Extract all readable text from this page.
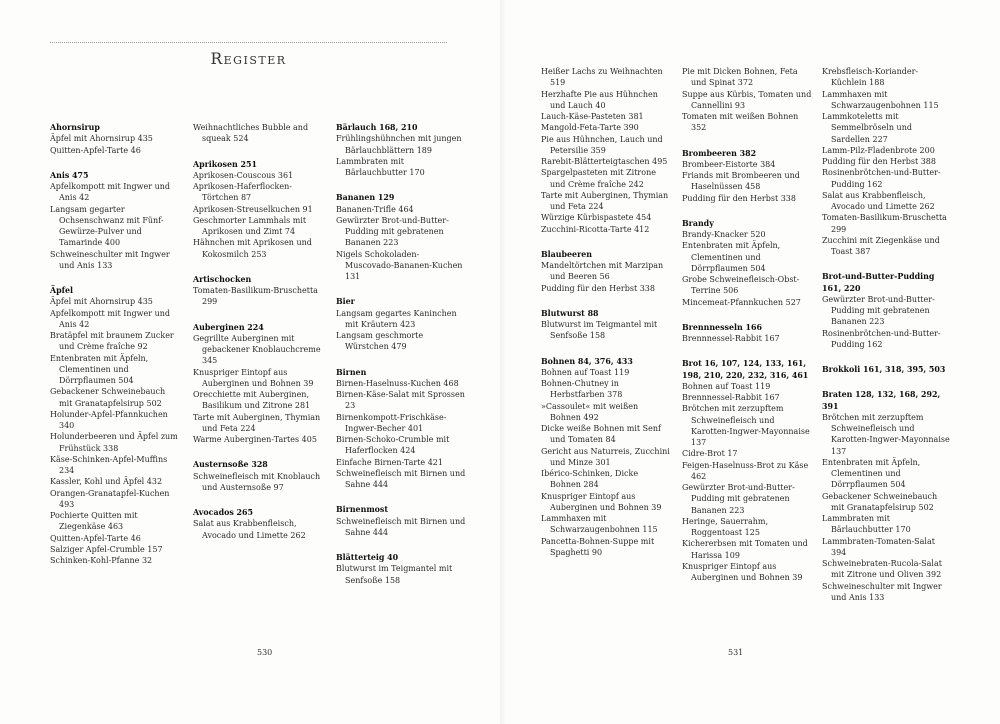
Register
Ahornsirup

Äpfel mit Ahornsirup 435

Quitten-Apfel-Tarte 46

Anis 475

Apfelkompott mit Ingwer und Anis 42

Langsam gegarter Ochsenschwanz mit Fünf-Gewürze-Pulver und Tamarinde 400

Schweineschulter mit Ingwer und Anis 133

Äpfel

Äpfel mit Ahornsirup 435

Apfelkompott mit Ingwer und Anis 42

Bratäpfel mit braunem Zucker und Crème fraîche 92

Entenbraten mit Äpfeln, Clementinen und Dörrpflaumen 504

Gebackener Schweinebauch mit Granatapfelsirup 502

Holunder-Apfel-Pfannkuchen 340

Holunderbeeren und Äpfel zum Frühstück 338

Käse-Schinken-Apfel-Muffins 234

Kassler, Kohl und Äpfel 432

Orangen-Granatapfel-Kuchen 493

Pochierte Quitten mit Ziegenkäse 463

Quitten-Apfel-Tarte 46

Salziger Apfel-Crumble 157

Schinken-Kohl-Pfanne 32

Weihnachtliches Bubble and squeak 524

Aprikosen 251

Aprikosen-Couscous 361

Aprikosen-Haferflocken-Törtchen 87

Aprikosen-Streuselkuchen 91

Geschmorter Lammhals mit Aprikosen und Zimt 74

Hähnchen mit Aprikosen und Kokosmilch 253

Artischocken

Tomaten-Basilikum-Bruschetta 299

Auberginen 224

Gegrillte Auberginen mit gebackener Knoblauchcreme 345

Knuspriger Eintopf aus Auberginen und Bohnen 39

Orecchiette mit Auberginen, Basilikum und Zitrone 281

Tarte mit Auberginen, Thymian und Feta 224

Warme Auberginen-Tartes 405

Austernsoße 328

Schweinefleisch mit Knoblauch und Austernsoße 97

Avocados 265

Salat aus Krabbenfleisch, Avocado und Limette 262

Bärlauch 168, 210

Frühlingshühnchen mit jungen Bärlauchblättern 189

Lammbraten mit Bärlauchbutter 170

Bananen 129

Bananen-Trifle 464

Gewürzter Brot-und-Butter-Pudding mit gebratenen Bananen 223

Nigels Schokoladen-Muscovado-Bananen-Kuchen 131

Bier

Langsam gegartes Kaninchen mit Kräutern 423

Langsam geschmorte Würstchen 479

Birnen

Birnen-Haselnuss-Kuchen 468

Birnen-Käse-Salat mit Sprossen 23

Birnenkompott-Frischkäse-Ingwer-Becher 401

Birnen-Schoko-Crumble mit Haferflocken 424

Einfache Birnen-Tarte 421

Schweinefleisch mit Birnen und Sahne 444

Birnenmost

Schweinefleisch mit Birnen und Sahne 444

Blätterteig 40

Blutwurst im Teigmantel mit Senfsoße 158

530

Heißer Lachs zu Weihnachten 519

Herzhafte Pie aus Hühnchen und Lauch 40

Lauch-Käse-Pasteten 381

Mangold-Feta-Tarte 390

Pie aus Hühnchen, Lauch und Petersilie 359

Rarebit-Blätterteigtaschen 495

Spargelpasteten mit Zitrone und Crème fraîche 242

Tarte mit Auberginen, Thymian und Feta 224

Würzige Kürbispastete 454

Zucchini-Ricotta-Tarte 412

Blaubeeren

Mandeltörtchen mit Marzipan und Beeren 56

Pudding für den Herbst 338

Blutwurst 88

Blutwurst im Teigmantel mit Senfsoße 158

Bohnen 84, 376, 433

Bohnen auf Toast 119

Bohnen-Chutney in Herbstfarben 378

»Cassoulet« mit weißen Bohnen 492

Dicke weiße Bohnen mit Senf und Tomaten 84

Gericht aus Naturreis, Zucchini und Minze 301

Ibérico-Schinken, Dicke Bohnen 284

Knuspriger Eintopf aus Auberginen und Bohnen 39

Lammhaxen mit Schwarzaugenbohnen 115

Pancetta-Bohnen-Suppe mit Spaghetti 90

Pie mit Dicken Bohnen, Feta und Spinat 372

Suppe aus Kürbis, Tomaten und Cannellini 93

Tomaten mit weißen Bohnen 352

Brombeeren 382

Brombeer-Eistorte 384

Friands mit Brombeeren und Haselnüssen 458

Pudding für den Herbst 338

Brandy

Brandy-Knacker 520

Entenbraten mit Äpfeln, Clementinen und Dörrpflaumen 504

Grobe Schweinefleisch-Obst-Terrine 506

Mincemeat-Pfannkuchen 527

Brennnesseln 166

Brennnessel-Rabbit 167

Brot 16, 107, 124, 133, 161, 198, 210, 220, 232, 316, 461

Bohnen auf Toast 119

Brennnessel-Rabbit 167

Brötchen mit zerzupftem Schweinefleisch und Karotten-Ingwer-Mayonnaise 137

Cidre-Brot 17

Feigen-Haselnuss-Brot zu Käse 462

Gewürzter Brot-und-Butter-Pudding mit gebratenen Bananen 223

Heringe, Sauerrahm, Roggentoast 125

Kichererbsen mit Tomaten und Harissa 109

Knuspriger Eintopf aus Auberginen und Bohnen 39

Krebsfleisch-Koriander-Küchlein 188

Lammhaxen mit Schwarzaugenbohnen 115

Lammkoteletts mit Semmelbröseln und Sardellen 227

Lamm-Pilz-Fladenbrote 200

Pudding für den Herbst 388

Rosinenbrötchen-und-Butter-Pudding 162

Salat aus Krabbenfleisch, Avocado und Limette 262

Tomaten-Basilikum-Bruschetta 299

Zucchini mit Ziegenkäse und Toast 387

Brot-und-Butter-Pudding 161, 220

Gewürzter Brot-und-Butter-Pudding mit gebratenen Bananen 223

Rosinenbrötchen-und-Butter-Pudding 162

Brokkoli 161, 318, 395, 503
Braten 128, 132, 168, 292, 391

Brötchen mit zerzupftem Schweinefleisch und Karotten-Ingwer-Mayonnaise 137

Entenbraten mit Äpfeln, Clementinen und Dörrpflaumen 504

Gebackener Schweinebauch mit Granatapfelsirup 502

Lammbraten mit Bärlauchbutter 170

Lammbraten-Tomaten-Salat 394

Schweinebraten-Rucola-Salat mit Zitrone und Oliven 392

Schweineschulter mit Ingwer und Anis 133

531
